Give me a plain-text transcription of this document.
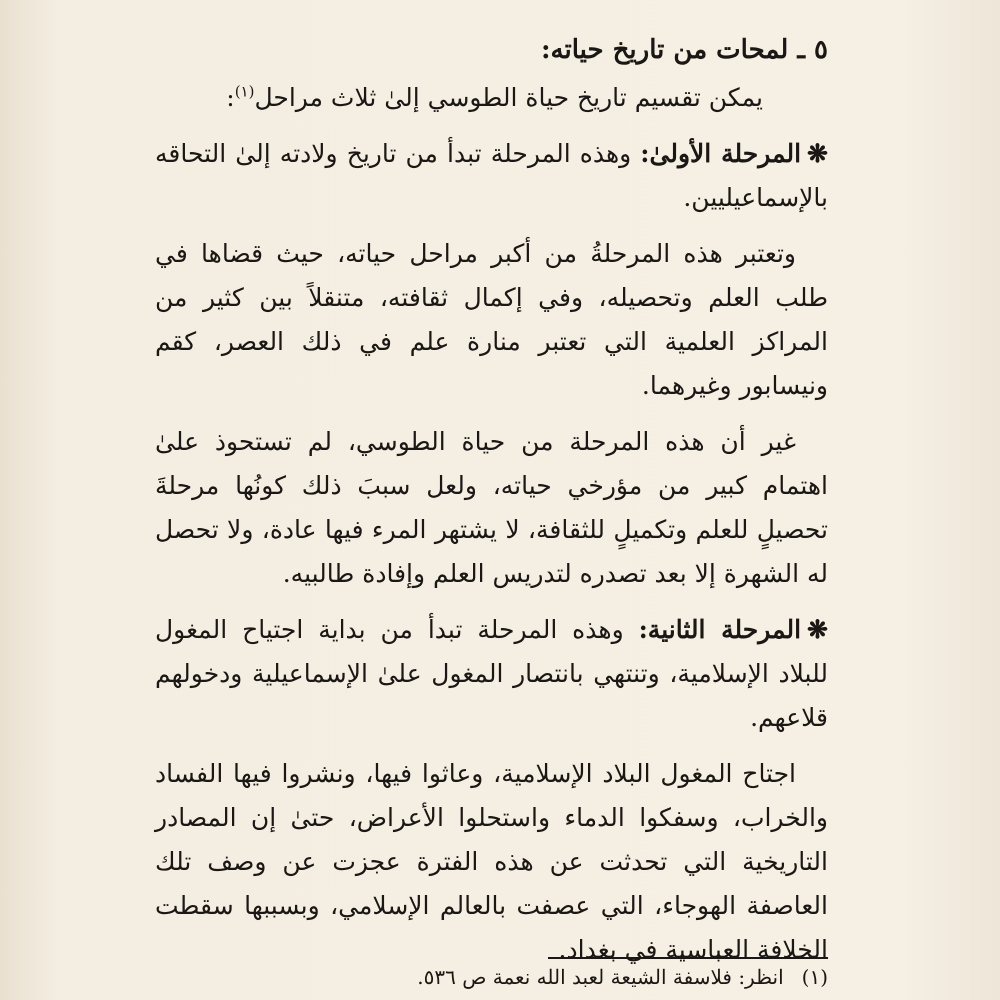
٥ ـ لمحات من تاريخ حياته:

يمكن تقسيم تاريخ حياة الطوسي إلىٰ ثلاث مراحل$^{(١)}$:

❋المرحلة الأولىٰ: وهذه المرحلة تبدأ من تاريخ ولادته إلىٰ التحاقه بالإسماعيليين.

وتعتبر هذه المرحلةُ من أكبر مراحل حياته، حيث قضاها في طلب العلم وتحصيله، وفي إكمال ثقافته، متنقلاً بين كثير من المراكز العلمية التي تعتبر منارة علم في ذلك العصر، كقم ونيسابور وغيرهما.

غير أن هذه المرحلة من حياة الطوسي، لم تستحوذ علىٰ اهتمام كبير من مؤرخي حياته، ولعل سببَ ذلك كونُها مرحلةَ تحصيلٍ للعلم وتكميلٍ للثقافة، لا يشتهر المرء فيها عادة، ولا تحصل له الشهرة إلا بعد تصدره لتدريس العلم وإفادة طالبيه.

❋المرحلة الثانية: وهذه المرحلة تبدأ من بداية اجتياح المغول للبلاد الإسلامية، وتنتهي بانتصار المغول علىٰ الإسماعيلية ودخولهم قلاعهم.

اجتاح المغول البلاد الإسلامية، وعاثوا فيها، ونشروا فيها الفساد والخراب، وسفكوا الدماء واستحلوا الأعراض، حتىٰ إن المصادر التاريخية التي تحدثت عن هذه الفترة عجزت عن وصف تلك العاصفة الهوجاء، التي عصفت بالعالم الإسلامي، وبسببها سقطت الخلافة العباسية في بغداد.

(١)انظر: فلاسفة الشيعة لعبد الله نعمة ص ٥٣٦.
